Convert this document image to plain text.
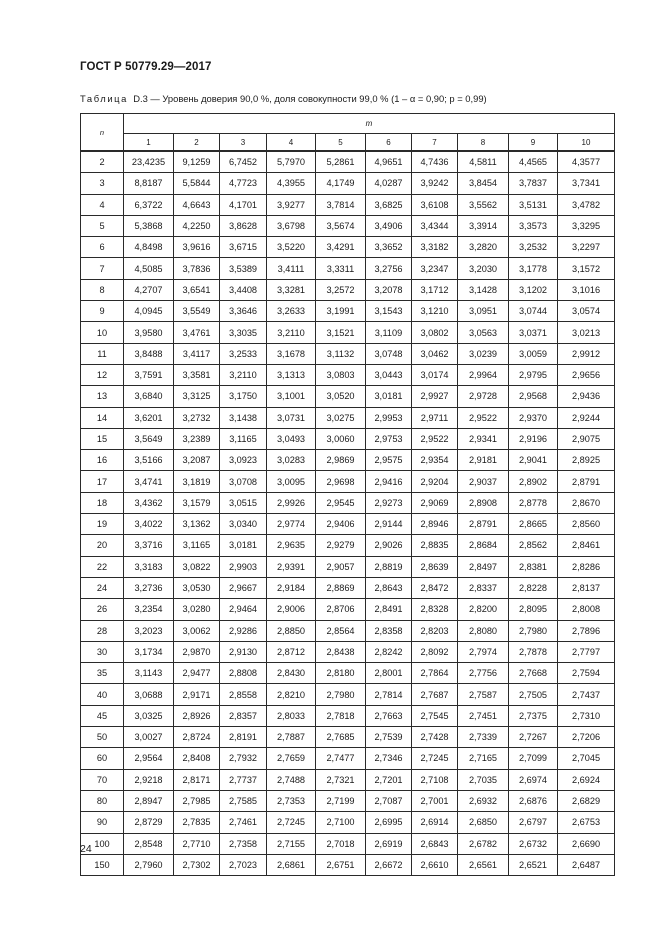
ГОСТ Р 50779.29—2017
Таблица D.3 — Уровень доверия 90,0 %, доля совокупности 99,0 % (1 – α = 0,90; p = 0,99)
n	m									
	1	2	3	4	5	6	7	8	9	10
2	23,4235	9,1259	6,7452	5,7970	5,2861	4,9651	4,7436	4,5811	4,4565	4,3577
3	8,8187	5,5844	4,7723	4,3955	4,1749	4,0287	3,9242	3,8454	3,7837	3,7341
4	6,3722	4,6643	4,1701	3,9277	3,7814	3,6825	3,6108	3,5562	3,5131	3,4782
5	5,3868	4,2250	3,8628	3,6798	3,5674	3,4906	3,4344	3,3914	3,3573	3,3295
6	4,8498	3,9616	3,6715	3,5220	3,4291	3,3652	3,3182	3,2820	3,2532	3,2297
7	4,5085	3,7836	3,5389	3,4111	3,3311	3,2756	3,2347	3,2030	3,1778	3,1572
8	4,2707	3,6541	3,4408	3,3281	3,2572	3,2078	3,1712	3,1428	3,1202	3,1016
9	4,0945	3,5549	3,3646	3,2633	3,1991	3,1543	3,1210	3,0951	3,0744	3,0574
10	3,9580	3,4761	3,3035	3,2110	3,1521	3,1109	3,0802	3,0563	3,0371	3,0213
11	3,8488	3,4117	3,2533	3,1678	3,1132	3,0748	3,0462	3,0239	3,0059	2,9912
12	3,7591	3,3581	3,2110	3,1313	3,0803	3,0443	3,0174	2,9964	2,9795	2,9656
13	3,6840	3,3125	3,1750	3,1001	3,0520	3,0181	2,9927	2,9728	2,9568	2,9436
14	3,6201	3,2732	3,1438	3,0731	3,0275	2,9953	2,9711	2,9522	2,9370	2,9244
15	3,5649	3,2389	3,1165	3,0493	3,0060	2,9753	2,9522	2,9341	2,9196	2,9075
16	3,5166	3,2087	3,0923	3,0283	2,9869	2,9575	2,9354	2,9181	2,9041	2,8925
17	3,4741	3,1819	3,0708	3,0095	2,9698	2,9416	2,9204	2,9037	2,8902	2,8791
18	3,4362	3,1579	3,0515	2,9926	2,9545	2,9273	2,9069	2,8908	2,8778	2,8670
19	3,4022	3,1362	3,0340	2,9774	2,9406	2,9144	2,8946	2,8791	2,8665	2,8560
20	3,3716	3,1165	3,0181	2,9635	2,9279	2,9026	2,8835	2,8684	2,8562	2,8461
22	3,3183	3,0822	2,9903	2,9391	2,9057	2,8819	2,8639	2,8497	2,8381	2,8286
24	3,2736	3,0530	2,9667	2,9184	2,8869	2,8643	2,8472	2,8337	2,8228	2,8137
26	3,2354	3,0280	2,9464	2,9006	2,8706	2,8491	2,8328	2,8200	2,8095	2,8008
28	3,2023	3,0062	2,9286	2,8850	2,8564	2,8358	2,8203	2,8080	2,7980	2,7896
30	3,1734	2,9870	2,9130	2,8712	2,8438	2,8242	2,8092	2,7974	2,7878	2,7797
35	3,1143	2,9477	2,8808	2,8430	2,8180	2,8001	2,7864	2,7756	2,7668	2,7594
40	3,0688	2,9171	2,8558	2,8210	2,7980	2,7814	2,7687	2,7587	2,7505	2,7437
45	3,0325	2,8926	2,8357	2,8033	2,7818	2,7663	2,7545	2,7451	2,7375	2,7310
50	3,0027	2,8724	2,8191	2,7887	2,7685	2,7539	2,7428	2,7339	2,7267	2,7206
60	2,9564	2,8408	2,7932	2,7659	2,7477	2,7346	2,7245	2,7165	2,7099	2,7045
70	2,9218	2,8171	2,7737	2,7488	2,7321	2,7201	2,7108	2,7035	2,6974	2,6924
80	2,8947	2,7985	2,7585	2,7353	2,7199	2,7087	2,7001	2,6932	2,6876	2,6829
90	2,8729	2,7835	2,7461	2,7245	2,7100	2,6995	2,6914	2,6850	2,6797	2,6753
100	2,8548	2,7710	2,7358	2,7155	2,7018	2,6919	2,6843	2,6782	2,6732	2,6690
150	2,7960	2,7302	2,7023	2,6861	2,6751	2,6672	2,6610	2,6561	2,6521	2,6487
24
